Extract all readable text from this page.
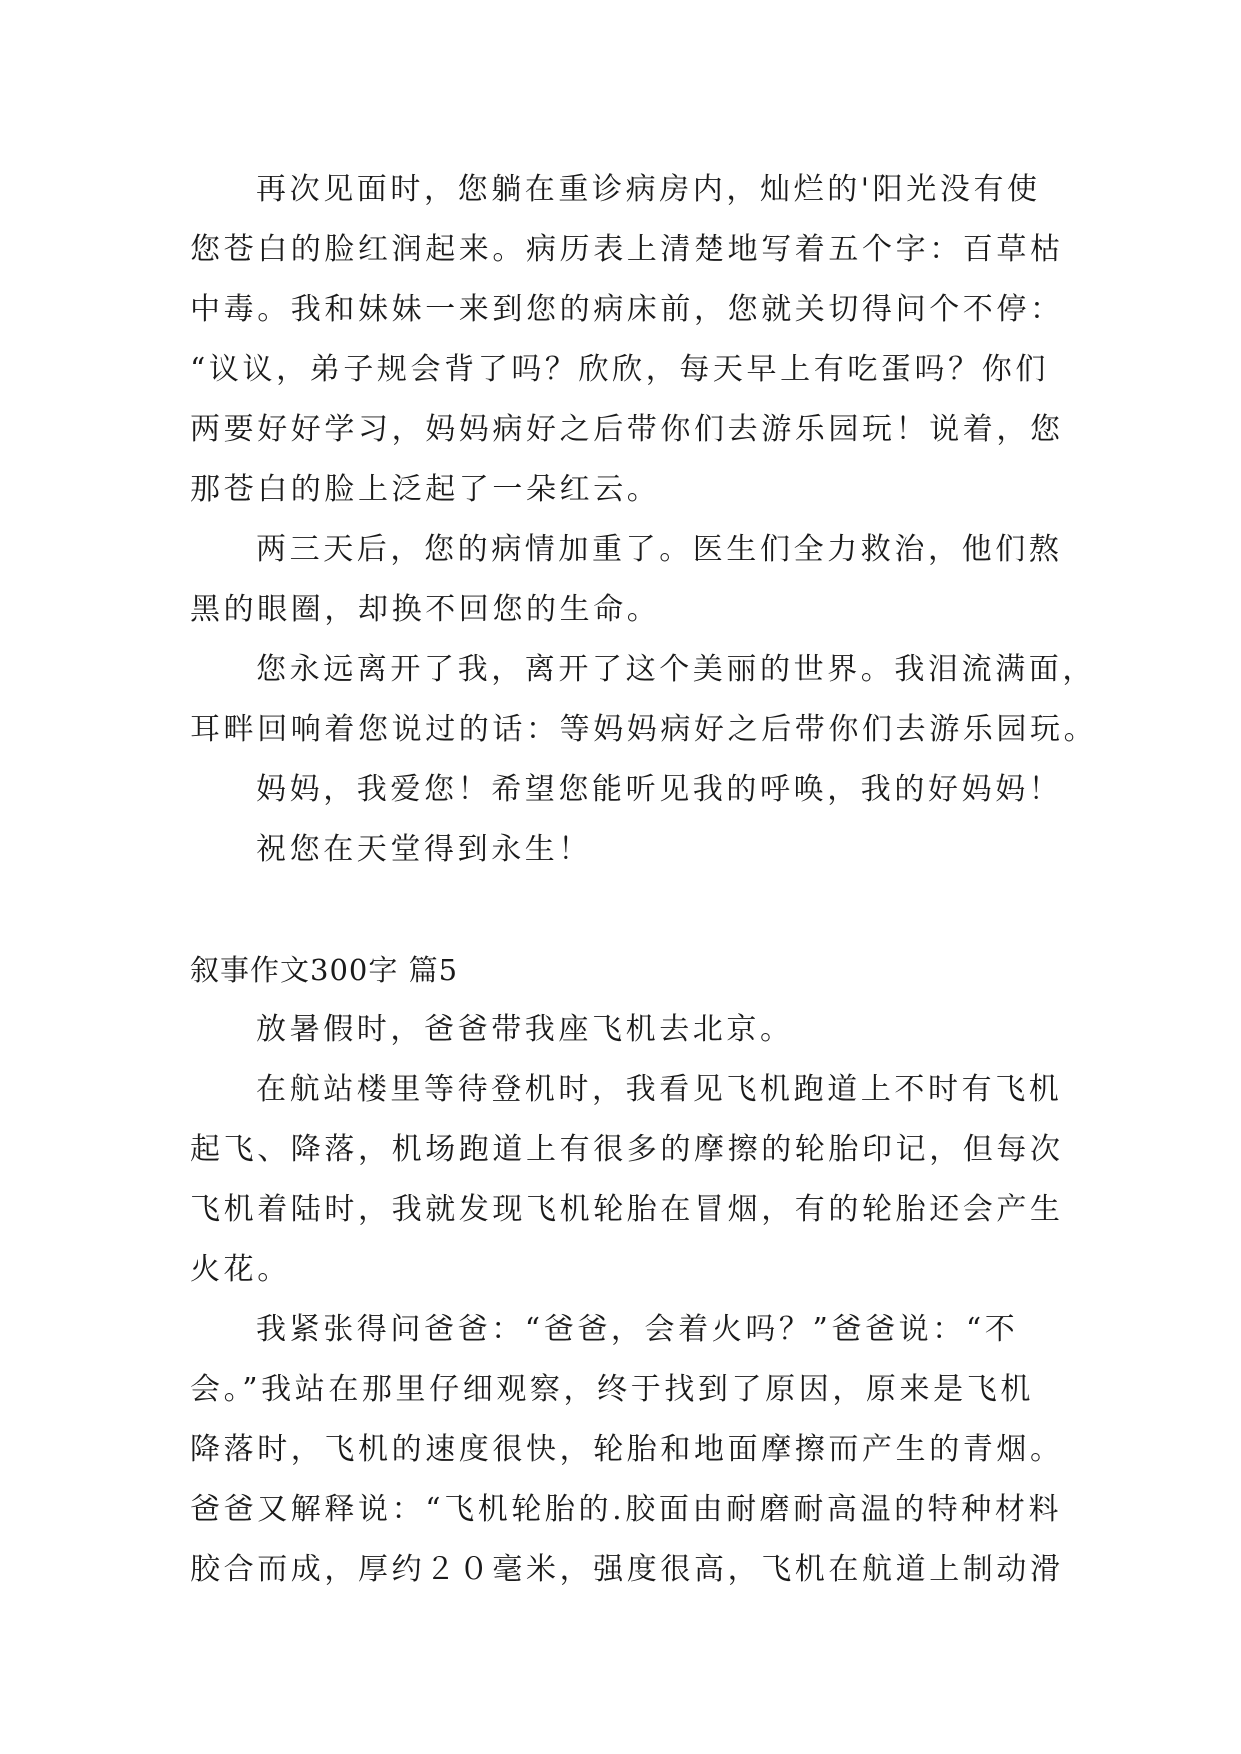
再次见面时，您躺在重诊病房内，灿烂的'阳光没有使
您苍白的脸红润起来。病历表上清楚地写着五个字：百草枯
中毒。我和妹妹一来到您的病床前，您就关切得问个不停：
“议议，弟子规会背了吗？欣欣，每天早上有吃蛋吗？你们
两要好好学习，妈妈病好之后带你们去游乐园玩！说着，您
那苍白的脸上泛起了一朵红云。
两三天后，您的病情加重了。医生们全力救治，他们熬
黑的眼圈，却换不回您的生命。
您永远离开了我，离开了这个美丽的世界。我泪流满面，
耳畔回响着您说过的话：等妈妈病好之后带你们去游乐园玩。
妈妈，我爱您！希望您能听见我的呼唤，我的好妈妈！
祝您在天堂得到永生！
叙事作文300字 篇5
放暑假时，爸爸带我座飞机去北京。
在航站楼里等待登机时，我看见飞机跑道上不时有飞机
起飞、降落，机场跑道上有很多的摩擦的轮胎印记，但每次
飞机着陆时，我就发现飞机轮胎在冒烟，有的轮胎还会产生
火花。
我紧张得问爸爸：“爸爸，会着火吗？”爸爸说：“不
会。”我站在那里仔细观察，终于找到了原因，原来是飞机
降落时，飞机的速度很快，轮胎和地面摩擦而产生的青烟。
爸爸又解释说：“飞机轮胎的.胶面由耐磨耐高温的特种材料
胶合而成，厚约２０毫米，强度很高，飞机在航道上制动滑
